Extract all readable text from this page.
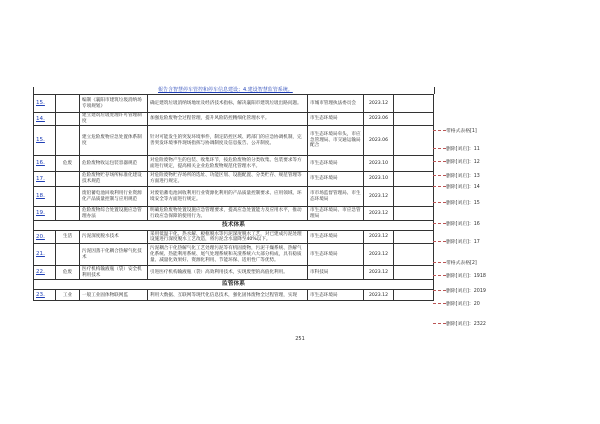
報告含智慧停车管控和停车信息建设；4.建设智慧监管系统。
15.		编制《襄阳市建筑垃圾消纳场专项规划》	确定建筑垃圾消纳场地址及经济技术指标，解决襄阳市建筑垃圾出路问题。	市城市管理执法委员会	2023.12	
14.		建立建筑垃圾处理许可管理制度	加强危险废物全过程管理，提升风险防控精细化管理水平。	市生态环境局	2023.06	
15.		建立危险废物应急处置体系制度	针对可能发生的突发环境事件，制定防控区域、跨部门的应急协调机制，完善突发环境事件现场指挥与协调制度及信息报告、公开制度。	市生态环境局牵头，市应急管理局、市交通运输局配合	2023.06	
16.	危废	危险废物收运包装容器规范	对危险废物产生的包装、收集环节，按危险废物的分类收集、包装要求等方面进行规定，提高相关企业危险废物规范化管理水平。	市生态环境局	2023.10	
17.		危险废物贮存场所标准化建设技术规范	对危险废物贮存场所的选址、功能区划、设施配置、分类贮存、规范管理等方面进行规定。	市生态环境局	2023.10	
18.		废铅蓄电池回收利用行业资源化产品质量控制与应用规范	对废铅蓄电池回收利用行业资源化利用的产品质量控制要求、应用领域、环境安全等方面进行规定。	市市场监督管理局、市生态环境局	2023.12	
19.		危险废物综合处置设施应急管理办法	明确危险废物处置设施应急管理要求，提高应急处置能力及应用水平，推动行政应急保障的使用行为。	市生态环境局、市应急管理局	2023.12	
技术体系						
20.	生活	污泥深度脱水技术	采用低温干化、热水解、板框脱水等污泥深度脱水工艺，对已建成污泥处理设施进行深度脱水工艺改造，将污泥含水量降至40%以下。	市生态环境局	2023.12	
21.		污泥因蒸干化耦合热解气化技术	污泥耦合干化热解气化工艺处理污泥等有机固废物，污泥干燥系统、热解气化系统、热能利用系统、尾气处理系统和灰渣系统六大部分构成，具有稳质量、减量化效果好、资源化利用、节能环保、适用性广等优势。	市生态环境局	2023.12	
22.	危废	医疗机构输液瓶（袋）安全机利用技术	引进医疗机构输液瓶（袋）高效利用技术，实现废塑的高值化利用。	市科技局	2023.12	
监管体系						
23.	工业	一般工业固体物联网监	利用大数据、互联网等现代化信息技术，强化固体废物全过程管理，实现	市生态环境局	2023.12	
带格式表格[1]
删除[刘启]：11
删除[刘启]：12
删除[刘启]：13
删除[刘启]：14
删除[刘启]：15
删除[刘启]：16
删除[刘启]：17
带格式表格[2]
删除[刘启]：1918
删除[刘启]：2019
删除[刘启]：20
删除[刘启]：2322
251
